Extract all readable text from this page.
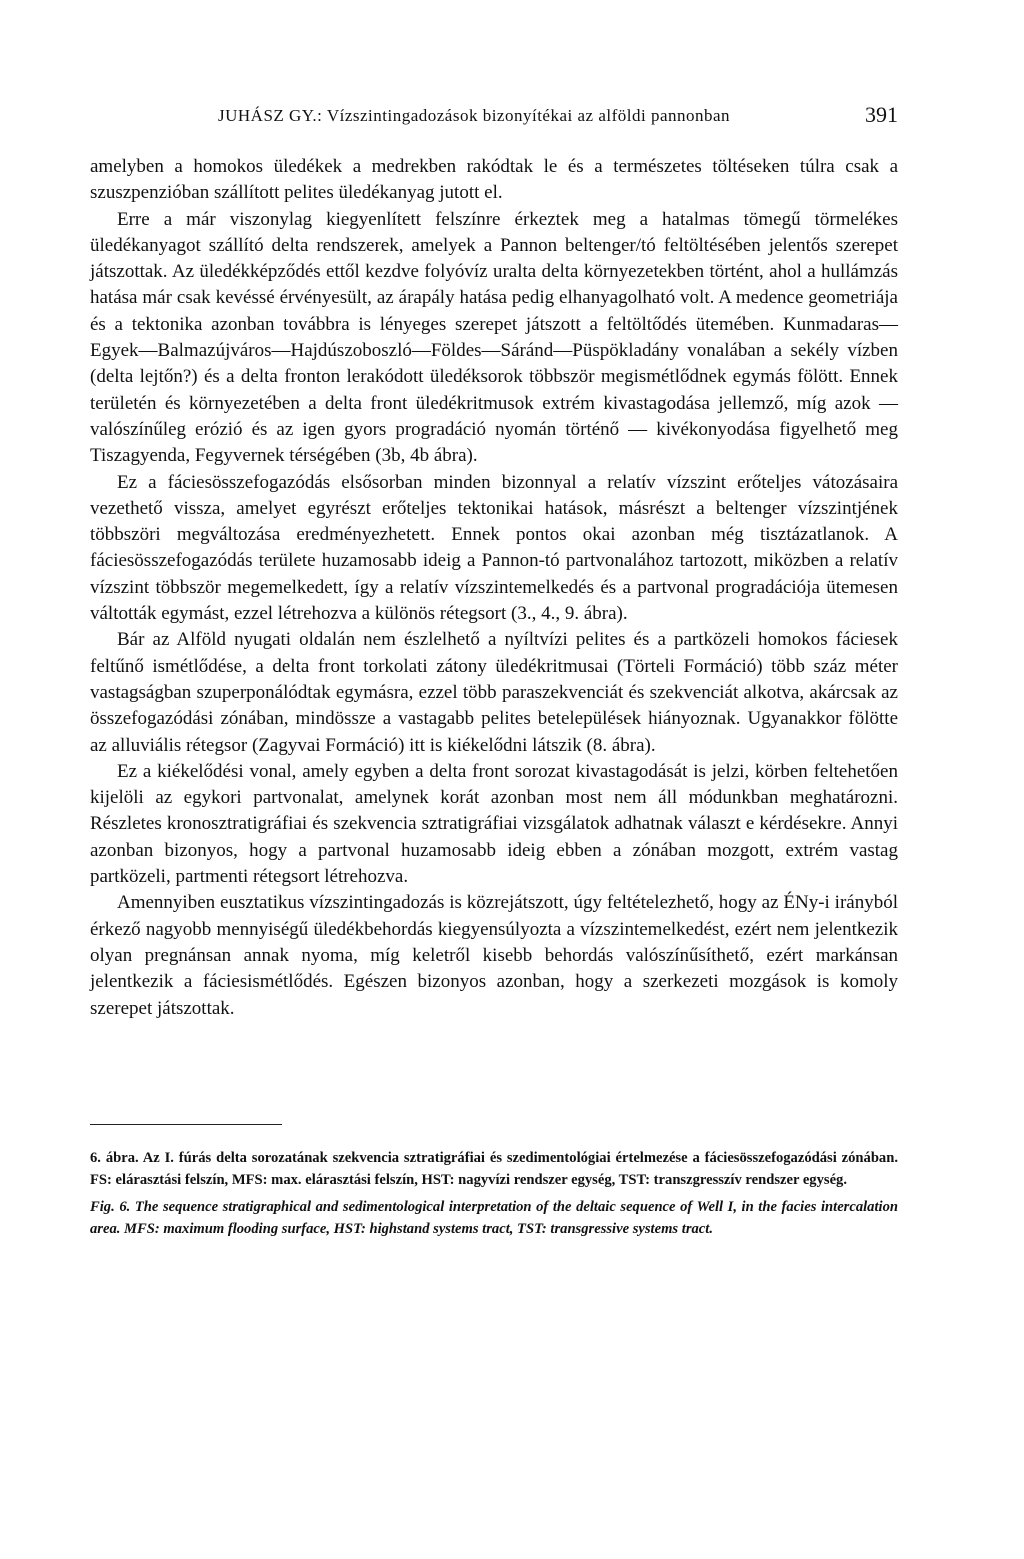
JUHÁSZ GY.: Vízszintingadozások bizonyítékai az alföldi pannonban	391

amelyben a homokos üledékek a medrekben rakódtak le és a természetes töltéseken túlra csak a szuszpenzióban szállított pelites üledékanyag jutott el.

Erre a már viszonylag kiegyenlített felszínre érkeztek meg a hatalmas tömegű törmelékes üledékanyagot szállító delta rendszerek, amelyek a Pannon beltenger/tó feltöltésében jelentős szerepet játszottak. Az üledékképződés ettől kezdve folyóvíz uralta delta környezetekben történt, ahol a hullámzás hatása már csak kevéssé érvényesült, az árapály hatása pedig elhanyagolható volt. A medence geometriája és a tektonika azonban továbbra is lényeges szerepet játszott a feltöltődés ütemében. Kunmadaras—Egyek—Balmazújváros—Hajdúszoboszló—Földes—Sáránd—Püspökladány vonalában a sekély vízben (delta lejtőn?) és a delta fronton lerakódott üledéksorok többször megismétlődnek egymás fölött. Ennek területén és környezetében a delta front üledékritmusok extrém kivastagodása jellemző, míg azok — valószínűleg erózió és az igen gyors progradáció nyomán történő — kivékonyodása figyelhető meg Tiszagyenda, Fegyvernek térségében (3b, 4b ábra).

Ez a fáciesösszefogazódás elsősorban minden bizonnyal a relatív vízszint erőteljes vátozásaira vezethető vissza, amelyet egyrészt erőteljes tektonikai hatások, másrészt a beltenger vízszintjének többszöri megváltozása eredményezhetett. Ennek pontos okai azonban még tisztázatlanok. A fáciesösszefogazódás területe huzamosabb ideig a Pannon-tó partvonalához tartozott, miközben a relatív vízszint többször megemelkedett, így a relatív vízszintemelkedés és a partvonal progradációja ütemesen váltották egymást, ezzel létrehozva a különös rétegsort (3., 4., 9. ábra).

Bár az Alföld nyugati oldalán nem észlelhető a nyíltvízi pelites és a partközeli homokos fáciesek feltűnő ismétlődése, a delta front torkolati zátony üledékritmusai (Törteli Formáció) több száz méter vastagságban szuperponálódtak egymásra, ezzel több paraszekvenciát és szekvenciát alkotva, akárcsak az összefogazódási zónában, mindössze a vastagabb pelites betelepülések hiányoznak. Ugyanakkor fölötte az alluviális rétegsor (Zagyvai Formáció) itt is kiékelődni látszik (8. ábra).

Ez a kiékelődési vonal, amely egyben a delta front sorozat kivastagodását is jelzi, körben feltehetően kijelöli az egykori partvonalat, amelynek korát azonban most nem áll módunkban meghatározni. Részletes kronosztratigráfiai és szekvencia sztratigráfiai vizsgálatok adhatnak választ e kérdésekre. Annyi azonban bizonyos, hogy a partvonal huzamosabb ideig ebben a zónában mozgott, extrém vastag partközeli, partmenti rétegsort létrehozva.

Amennyiben eusztatikus vízszintingadozás is közrejátszott, úgy feltételezhető, hogy az ÉNy-i irányból érkező nagyobb mennyiségű üledékbehordás kiegyensúlyozta a vízszintemelkedést, ezért nem jelentkezik olyan pregnánsan annak nyoma, míg keletről kisebb behordás valószínűsíthető, ezért markánsan jelentkezik a fáciesismétlődés. Egészen bizonyos azonban, hogy a szerkezeti mozgások is komoly szerepet játszottak.

6. ábra. Az I. fúrás delta sorozatának szekvencia sztratigráfiai és szedimentológiai értelmezése a fáciesösszefogazódási zónában. FS: elárasztási felszín, MFS: max. elárasztási felszín, HST: nagyvízi rendszer egység, TST: transzgresszív rendszer egység.

Fig. 6. The sequence stratigraphical and sedimentological interpretation of the deltaic sequence of Well I, in the facies intercalation area. MFS: maximum flooding surface, HST: highstand systems tract, TST: transgressive systems tract.
